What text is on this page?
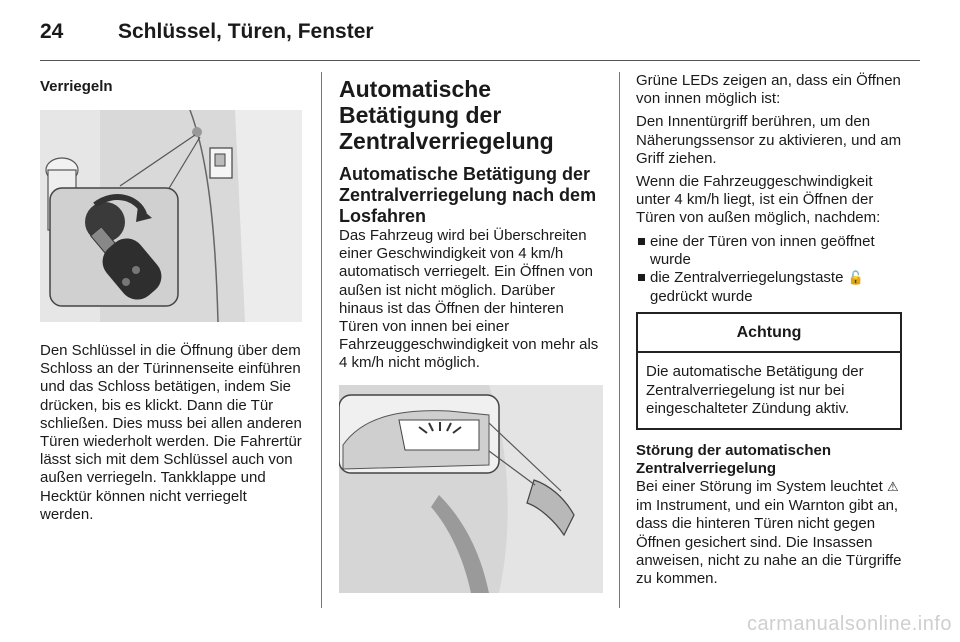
24	Schlüssel, Türen, Fenster
Verriegeln
Den Schlüssel in die Öffnung über dem Schloss an der Türinnenseite einführen und das Schloss betätigen, indem Sie drücken, bis es klickt. Dann die Tür schließen. Dies muss bei allen anderen Türen wiederholt werden. Die Fahrertür lässt sich mit dem Schlüssel auch von außen verriegeln. Tankklappe und Hecktür können nicht verriegelt werden.
Automatische Betätigung der Zentralverriegelung
Automatische Betätigung der Zentralverriegelung nach dem Losfahren
Das Fahrzeug wird bei Überschreiten einer Geschwindigkeit von 4 km/h automatisch verriegelt. Ein Öffnen von außen ist nicht möglich. Darüber hinaus ist das Öffnen der hinteren Türen von innen bei einer Fahrzeuggeschwindigkeit von mehr als 4 km/h nicht möglich.

Grüne LEDs zeigen an, dass ein Öffnen von innen möglich ist:

Den Innentürgriff berühren, um den Näherungssensor zu aktivieren, und am Griff ziehen.

Wenn die Fahrzeuggeschwindigkeit unter 4 km/h liegt, ist ein Öffnen der Türen von außen möglich, nachdem:

eine der Türen von innen geöffnet wurde
die Zentralverriegelungstaste 🔓 gedrückt wurde
Achtung
Die automatische Betätigung der Zentralverriegelung ist nur bei eingeschalteter Zündung aktiv.
Störung der automatischen Zentralverriegelung
Bei einer Störung im System leuchtet ⚠ im Instrument, und ein Warnton gibt an, dass die hinteren Türen nicht gegen Öffnen gesichert sind. Die Insassen anweisen, nicht zu nahe an die Türgriffe zu kommen.
carmanualsonline.info
